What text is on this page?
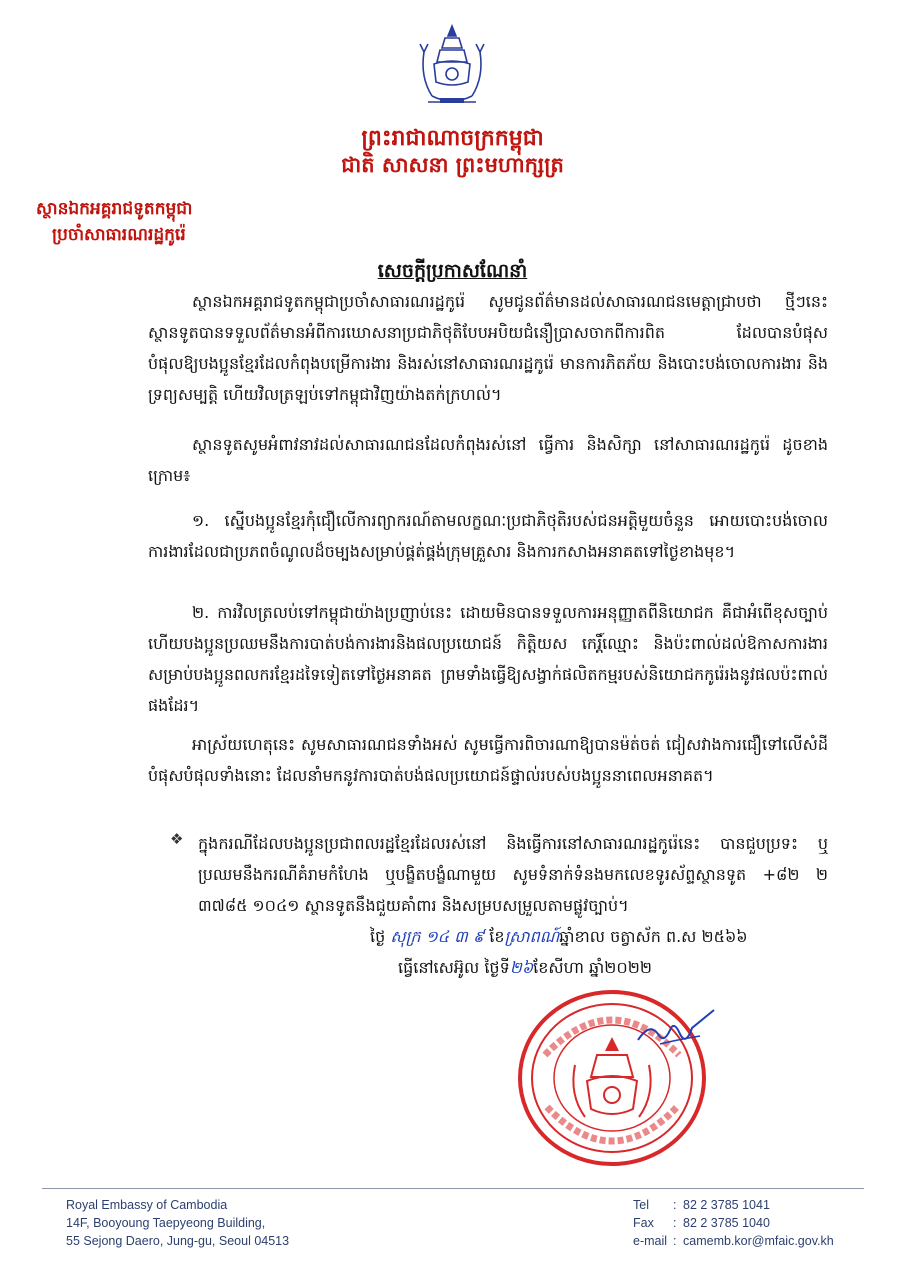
ព្រះរាជាណាចក្រកម្ពុជា
ជាតិ សាសនា ព្រះមហាក្សត្រ
ស្ថានឯកអគ្គរាជទូតកម្ពុជា
ប្រចាំសាធារណរដ្ឋកូរ៉េ
សេចក្តីប្រកាសណែនាំ
ស្ថានឯកអគ្គរាជទូតកម្ពុជាប្រចាំសាធារណរដ្ឋកូរ៉េ សូមជូនព័ត៌មានដល់សាធារណជនមេត្តាជ្រាបថា ថ្មីៗនេះ ស្ថានទូតបានទទួលព័ត៌មានអំពីការឃោសនាប្រជាភិថុតិបែបអបិយជំនឿប្រាសចាកពីការពិត ដែលបានបំផុសបំផុលឱ្យបងប្អូនខ្មែរដែលកំពុងបម្រើការងារ និងរស់នៅសាធារណរដ្ឋកូរ៉េ មានការភិតភ័យ និងបោះបង់ចោលការងារ និងទ្រព្យសម្បត្តិ ហើយវិលត្រឡប់ទៅកម្ពុជាវិញយ៉ាងតក់ក្រហល់។
ស្ថានទូតសូមអំពាវនាវដល់សាធារណជនដែលកំពុងរស់នៅ ធ្វើការ និងសិក្សា នៅសាធារណរដ្ឋកូរ៉េ ដូចខាងក្រោម៖
១. ស្នើបងប្អូនខ្មែរកុំជឿលើការព្យាករណ៍តាមលក្ខណៈប្រជាភិថុតិរបស់ជនអត្តិមួយចំនួន អោយបោះបង់ចោលការងារដែលជាប្រភពចំណូលដ៏ចម្បងសម្រាប់ផ្គត់ផ្គង់ក្រុមគ្រួសារ និងការកសាងអនាគតទៅថ្ងៃខាងមុខ។
២. ការវិលត្រលប់ទៅកម្ពុជាយ៉ាងប្រញាប់នេះ ដោយមិនបានទទួលការអនុញ្ញាតពីនិយោជក គឺជាអំពើខុសច្បាប់ ហើយបងប្អូនប្រឈមនឹងការបាត់បង់ការងារនិងផលប្រយោជន៍ កិត្តិយស កេរ្តិ៍ឈ្មោះ និងប៉ះពាល់ដល់ឱកាសការងារសម្រាប់បងប្អូនពលករខ្មែរដទៃទៀតទៅថ្ងៃអនាគត ព្រមទាំងធ្វើឱ្យសង្វាក់ផលិតកម្មរបស់និយោជកកូរ៉េរងនូវផលប៉ះពាល់ផងដែរ។
អាស្រ័យហេតុនេះ សូមសាធារណជនទាំងអស់ សូមធ្វើការពិចារណាឱ្យបានម៉ត់ចត់ ជៀសវាងការជឿទៅលើសំដីបំផុសបំផុលទាំងនោះ ដែលនាំមកនូវការបាត់បង់ផលប្រយោជន៍ផ្ទាល់របស់បងប្អូននាពេលអនាគត។
❖ ក្នុងករណីដែលបងប្អូនប្រជាពលរដ្ឋខ្មែរដែលរស់នៅ និងធ្វើការនៅសាធារណរដ្ឋកូរ៉េនេះ បានជួបប្រទះ ឬប្រឈមនឹងករណីគំរាមកំហែង ឬបង្ខិតបង្ខំណាមួយ សូមទំនាក់ទំនងមកលេខទូរស័ព្ទស្ថានទូត +៨២ ២ ៣៧៨៥ ១០៤១ ស្ថានទូតនឹងជួយគាំពារ និងសម្របសម្រួលតាមផ្លូវច្បាប់។
ថ្ងៃ សុក្រ ១៤ ៣ ៩ ខែស្រាពណ៍ឆ្នាំខាល ចត្វាស័ក ព.ស ២៥៦៦
ធ្វើនៅសេអ៊ូល ថ្ងៃទី២៦ខែសីហា ឆ្នាំ២០២២
Royal Embassy of Cambodia
14F, Booyoung Taepyeong Building,
55 Sejong Daero, Jung-gu, Seoul 04513
Tel : 82 2 3785 1041
Fax : 82 2 3785 1040
e-mail : camemb.kor@mfaic.gov.kh
